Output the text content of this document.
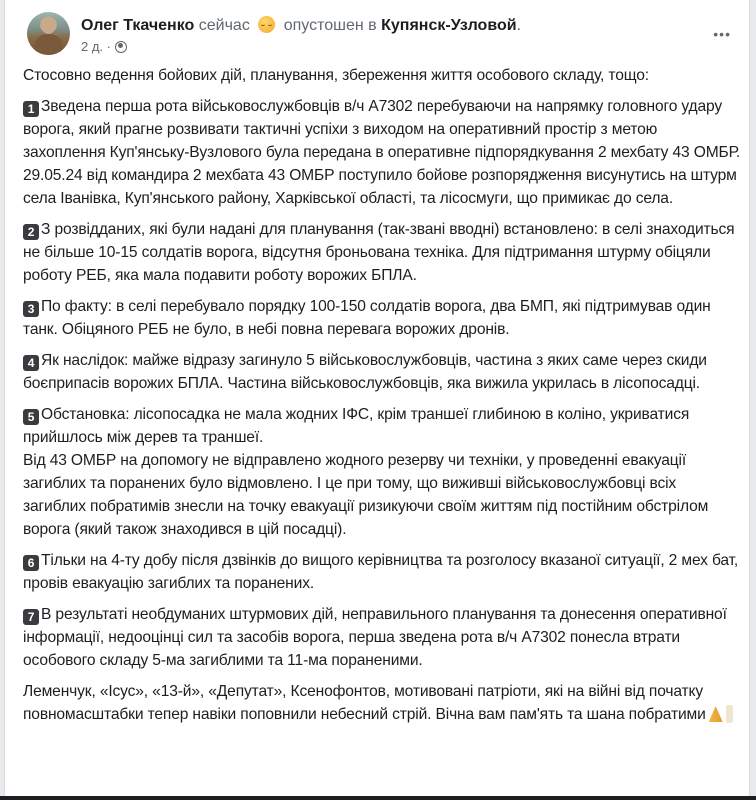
Олег Ткаченко сейчас опустошен в Купянск-Узловой.
2 д. ·
•••

Стосовно ведення бойових дій, планування, збереження життя особового складу, тощо:

1 Зведена перша рота військовослужбовців в/ч А7302 перебуваючи на напрямку головного удару ворога, який прагне розвивати тактичні успіхи з виходом на оперативний простір з метою захоплення Куп'янську-Вузлового була передана в оперативне підпорядкування 2 мехбату 43 ОМБР.
29.05.24 від командира 2 мехбата 43 ОМБР поступило бойове розпорядження висунутись на штурм села Іванівка, Куп'янського району, Харківської області, та лісосмуги, що примикає до села.

2 З розвідданих, які були надані для планування (так-звані вводні) встановлено: в селі знаходиться не більше 10-15 солдатів ворога, відсутня броньована техніка. Для підтримання штурму обіцяли роботу РЕБ, яка мала подавити роботу ворожих БПЛА.

3 По факту: в селі перебувало порядку 100-150 солдатів ворога, два БМП, які підтримував один танк. Обіцяного РЕБ не було, в небі повна перевага ворожих дронів.

4 Як наслідок: майже відразу загинуло 5 військовослужбовців, частина з яких саме через скиди боєприпасів ворожих БПЛА. Частина військовослужбовців, яка вижила укрилась в лісопосадці.

5 Обстановка: лісопосадка не мала жодних ІФС, крім траншеї глибиною в коліно, укриватися прийшлось між дерев та траншеї.
Від 43 ОМБР на допомогу не відправлено жодного резерву чи техніки, у проведенні евакуації загиблих та поранених було відмовлено. І це при тому, що вижившi військовослужбовці всіх загиблих побратимів знесли на точку евакуації ризикуючи своїм життям під постійним обстрілом ворога (який також знаходився в цій посадці).

6 Тільки на 4-ту добу після дзвінків до вищого керівництва та розголосу вказаної ситуації, 2 мех бат, провів евакуацію загиблих та поранених.

7 В результаті необдуманих штурмових дій, неправильного планування та донесення оперативної інформації, недооцінці сил та засобів ворога, перша зведена рота в/ч А7302 понесла втрати особового складу 5-ма загиблими та 11-ма пораненими.

Леменчук, «Ісус», «13-й», «Депутат», Ксенофонтов, мотивовані патріоти, які на війні від початку повномасштабки тепер навіки поповнили небесний стрій. Вічна вам пам'ять та шана побратими
